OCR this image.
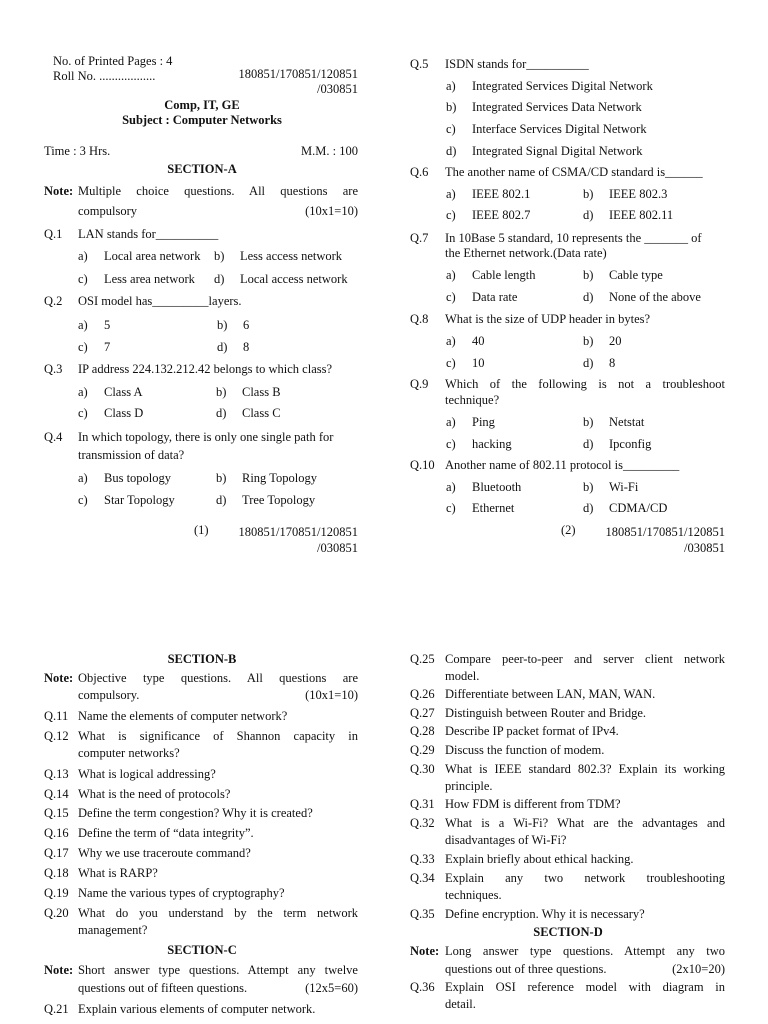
No. of Printed Pages : 4
Roll No. ..................	180851/170851/120851
/030851
Comp, IT, GE
Subject : Computer Networks
Time : 3 Hrs.	M.M. : 100
SECTION-A
Note: Multiple choice questions. All questions are
compulsory	(10x1=10)
Q.1 LAN stands for__________
a) Local area network b) Less access network
c) Less area network d) Local access network
Q.2 OSI model has_________layers.
a) 5	b) 6
c) 7	d) 8
Q.3 IP address 224.132.212.42 belongs to which class?
a) Class A	b) Class B
c) Class D	d) Class C
Q.4 In which topology, there is only one single path for
transmission of data?
a) Bus topology	b) Ring Topology
c) Star Topology	d) Tree Topology
(1)	180851/170851/120851
/030851
Q.5 ISDN stands for__________
a) Integrated Services Digital Network
b) Integrated Services Data Network
c) Interface Services Digital Network
d) Integrated Signal Digital Network
Q.6 The another name of CSMA/CD standard is______
a) IEEE 802.1	b) IEEE 802.3
c) IEEE 802.7	d) IEEE 802.11
Q.7 In 10Base 5 standard, 10 represents the _______ of
the Ethernet network.(Data rate)
a) Cable length	b) Cable type
c) Data rate	d) None of the above
Q.8 What is the size of UDP header in bytes?
a) 40	b) 20
c) 10	d) 8
Q.9 Which of the following is not a troubleshoot
technique?
a) Ping	b) Netstat
c) hacking	d) Ipconfig
Q.10 Another name of 802.11 protocol is_________
a) Bluetooth	b) Wi-Fi
c) Ethernet	d) CDMA/CD
(2)	180851/170851/120851
/030851
SECTION-B
Note: Objective type questions. All questions are
compulsory.	(10x1=10)
Q.11 Name the elements of computer network?
Q.12 What is significance of Shannon capacity in
computer networks?
Q.13 What is logical addressing?
Q.14 What is the need of protocols?
Q.15 Define the term congestion? Why it is created?
Q.16 Define the term of “data integrity”.
Q.17 Why we use traceroute command?
Q.18 What is RARP?
Q.19 Name the various types of cryptography?
Q.20 What do you understand by the term network
management?
SECTION-C
Note: Short answer type questions. Attempt any twelve
questions out of fifteen questions.	(12x5=60)
Q.21 Explain various elements of computer network.
Q.25 Compare peer-to-peer and server client network
model.
Q.26 Differentiate between LAN, MAN, WAN.
Q.27 Distinguish between Router and Bridge.
Q.28 Describe IP packet format of IPv4.
Q.29 Discuss the function of modem.
Q.30 What is IEEE standard 802.3? Explain its working
principle.
Q.31 How FDM is different from TDM?
Q.32 What is a Wi-Fi? What are the advantages and
disadvantages of Wi-Fi?
Q.33 Explain briefly about ethical hacking.
Q.34 Explain any two network troubleshooting
techniques.
Q.35 Define encryption. Why it is necessary?
SECTION-D
Note: Long answer type questions. Attempt any two
questions out of three questions.	(2x10=20)
Q.36 Explain OSI reference model with diagram in
detail.
